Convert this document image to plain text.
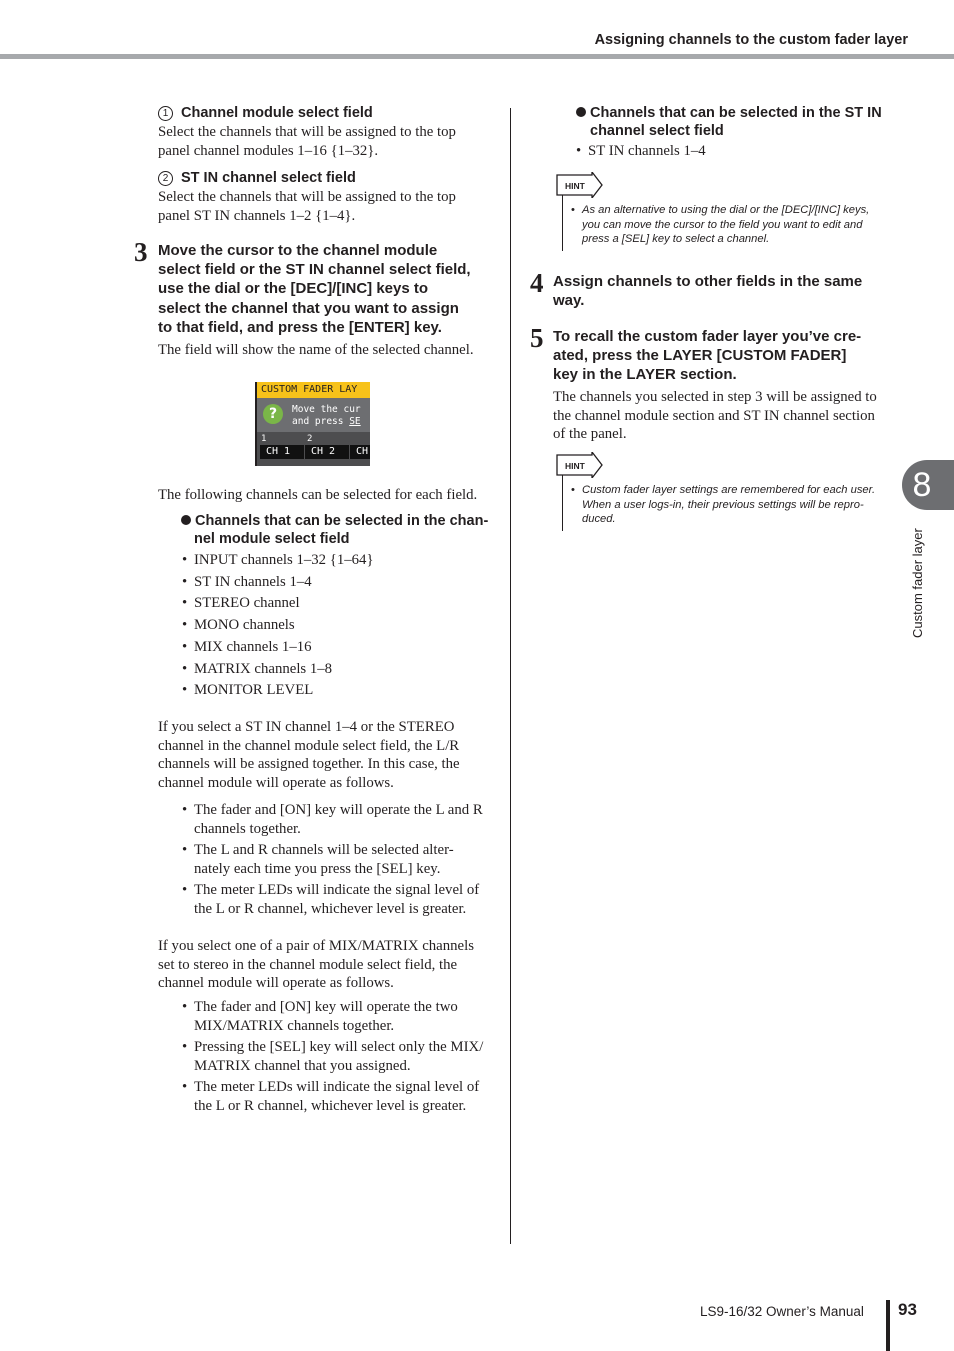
Assigning channels to the custom fader layer
1 Channel module select field
Select the channels that will be assigned to the top
panel channel modules 1–16 {1–32}.
2 ST IN channel select field
Select the channels that will be assigned to the top
panel ST IN channels 1–2 {1–4}.
3 Move the cursor to the channel module
select field or the ST IN channel select field,
use the dial or the [DEC]/[INC] keys to
select the channel that you want to assign
to that field, and press the [ENTER] key.
The field will show the name of the selected channel.
CUSTOM FADER LAY
?	Move the cur
and press SE
1	2
CH 1	CH 2	CH
The following channels can be selected for each field.
Channels that can be selected in the chan-
nel module select field
• INPUT channels 1–32 {1–64}
• ST IN channels 1–4
• STEREO channel
• MONO channels
• MIX channels 1–16
• MATRIX channels 1–8
• MONITOR LEVEL
If you select a ST IN channel 1–4 or the STEREO
channel in the channel module select field, the L/R
channels will be assigned together. In this case, the
channel module will operate as follows.
• The fader and [ON] key will operate the L and R
channels together.
• The L and R channels will be selected alter-
nately each time you press the [SEL] key.
• The meter LEDs will indicate the signal level of
the L or R channel, whichever level is greater.
If you select one of a pair of MIX/MATRIX channels
set to stereo in the channel module select field, the
channel module will operate as follows.
• The fader and [ON] key will operate the two
MIX/MATRIX channels together.
• Pressing the [SEL] key will select only the MIX/
MATRIX channel that you assigned.
• The meter LEDs will indicate the signal level of
the L or R channel, whichever level is greater.
Channels that can be selected in the ST IN
channel select field
• ST IN channels 1–4
HINT
• As an alternative to using the dial or the [DEC]/[INC] keys,
you can move the cursor to the field you want to edit and
press a [SEL] key to select a channel.
4 Assign channels to other fields in the same
way.
5 To recall the custom fader layer you’ve cre-
ated, press the LAYER [CUSTOM FADER]
key in the LAYER section.
The channels you selected in step 3 will be assigned to
the channel module section and ST IN channel section
of the panel.
HINT
• Custom fader layer settings are remembered for each user.
When a user logs-in, their previous settings will be repro-
duced.
8
Custom fader layer
LS9-16/32 Owner’s Manual 93
